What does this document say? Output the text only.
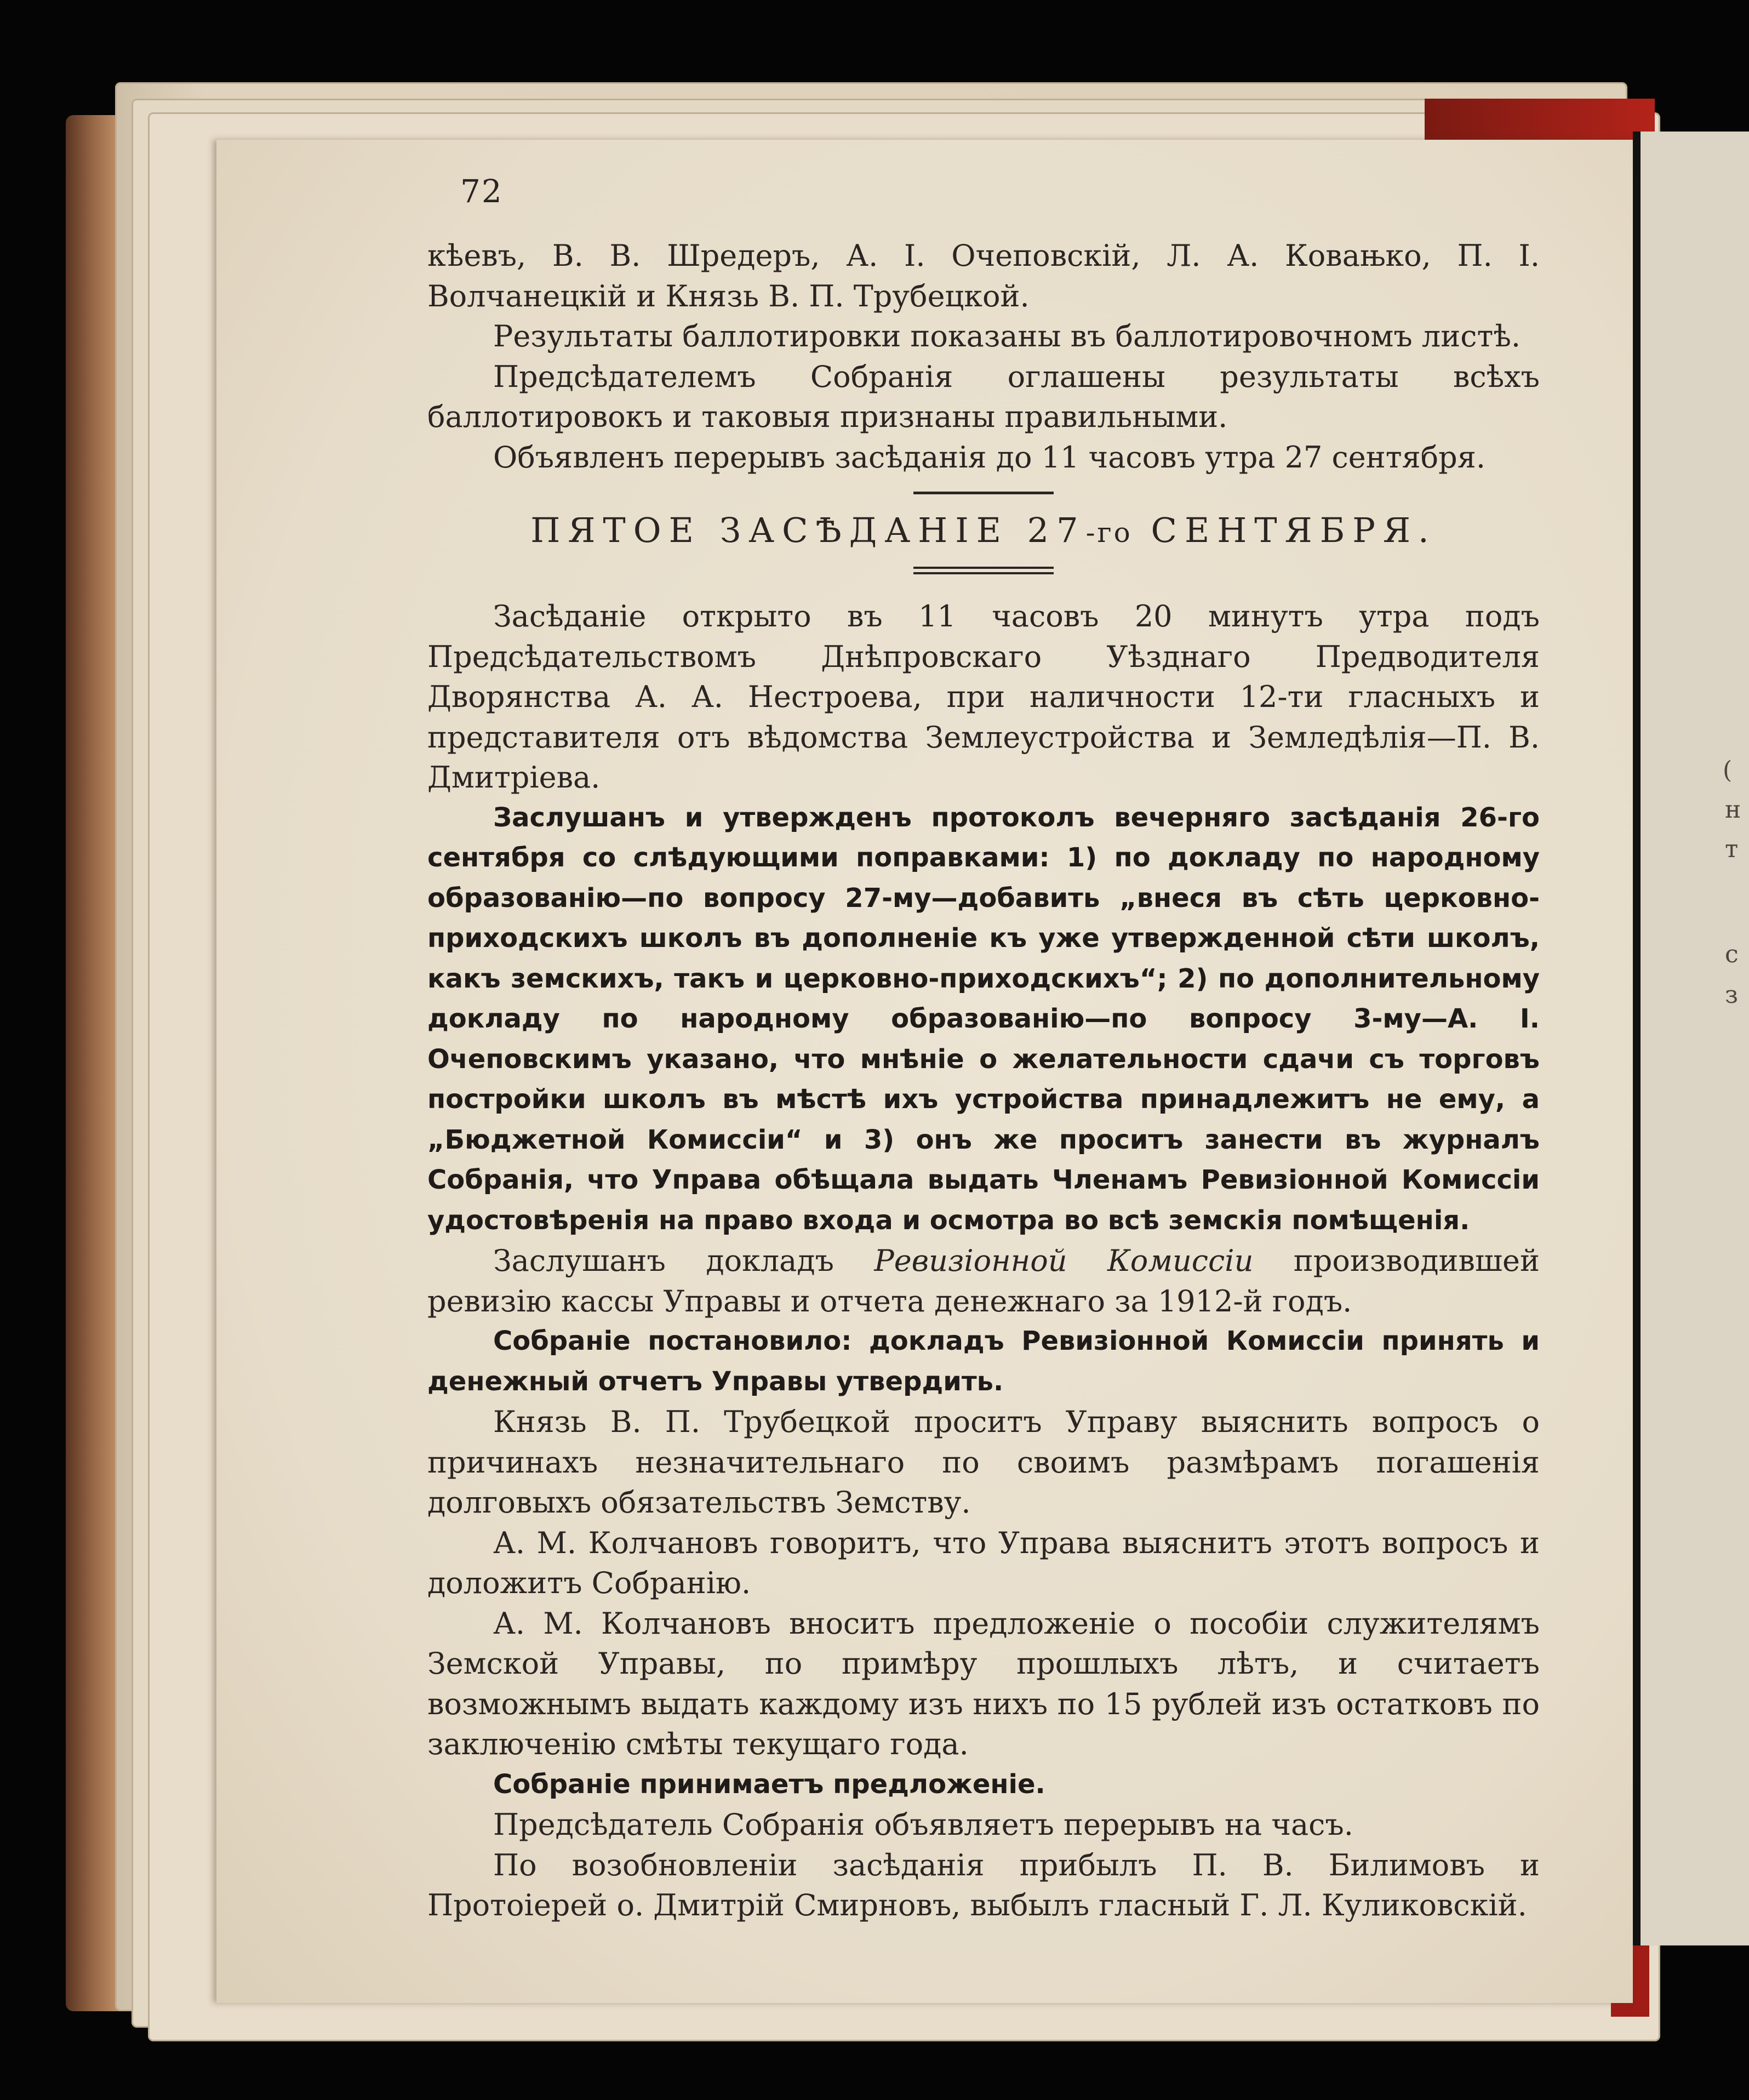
(
н
т
с
з
72

кѣевъ, В. В. Шредеръ, А. І. Очеповскій, Л. А. Ковањко, П. І. Волчанецкій и Князь В. П. Трубецкой.

Результаты баллотировки показаны въ баллотировочномъ листѣ.

Предсѣдателемъ Собранія оглашены результаты всѣхъ баллотировокъ и таковыя признаны правильными.

Объявленъ перерывъ засѣданія до 11 часовъ утра 27 сентября.

ПЯТОЕ ЗАСѢДАНІЕ 27-го СЕНТЯБРЯ.

Засѣданіе открыто въ 11 часовъ 20 минутъ утра подъ Предсѣдательствомъ Днѣпровскаго Уѣзднаго Предводителя Дворянства А. А. Нестроева, при наличности 12-ти гласныхъ и представителя отъ вѣдомства Землеустройства и Земледѣлія—П. В. Дмитріева.

Заслушанъ и утвержденъ протоколъ вечерняго засѣданія 26-го сентября со слѣдующими поправками: 1) по докладу по народному образованію—по вопросу 27-му—добавить „внеся въ сѣть церковно-приходскихъ школъ въ дополненіе къ уже утвержденной сѣти школъ, какъ земскихъ, такъ и церковно-приходскихъ“; 2) по дополнительному докладу по народному образованію—по вопросу 3-му—А. І. Очеповскимъ указано, что мнѣніе о желательности сдачи съ торговъ постройки школъ въ мѣстѣ ихъ устройства принадлежитъ не ему, а „Бюджетной Комиссіи“ и 3) онъ же проситъ занести въ журналъ Собранія, что Управа обѣщала выдать Членамъ Ревизіонной Комиссіи удостовѣренія на право входа и осмотра во всѣ земскія помѣщенія.

Заслушанъ докладъ Ревизіонной Комиссіи производившей ревизію кассы Управы и отчета денежнаго за 1912-й годъ.

Собраніе постановило: докладъ Ревизіонной Комиссіи принять и денежный отчетъ Управы утвердить.

Князь В. П. Трубецкой проситъ Управу выяснить вопросъ о причинахъ незначительнаго по своимъ размѣрамъ погашенія долговыхъ обязательствъ Земству.

А. М. Колчановъ говоритъ, что Управа выяснитъ этотъ вопросъ и доложитъ Собранію.

А. М. Колчановъ вноситъ предложеніе о пособіи служителямъ Земской Управы, по примѣру прошлыхъ лѣтъ, и считаетъ возможнымъ выдать каждому изъ нихъ по 15 рублей изъ остатковъ по заключенію смѣты текущаго года.

Собраніе принимаетъ предложеніе.

Предсѣдатель Собранія объявляетъ перерывъ на часъ.

По возобновленіи засѣданія прибылъ П. В. Билимовъ и Протоіерей о. Дмитрій Смирновъ, выбылъ гласный Г. Л. Куликовскій.
